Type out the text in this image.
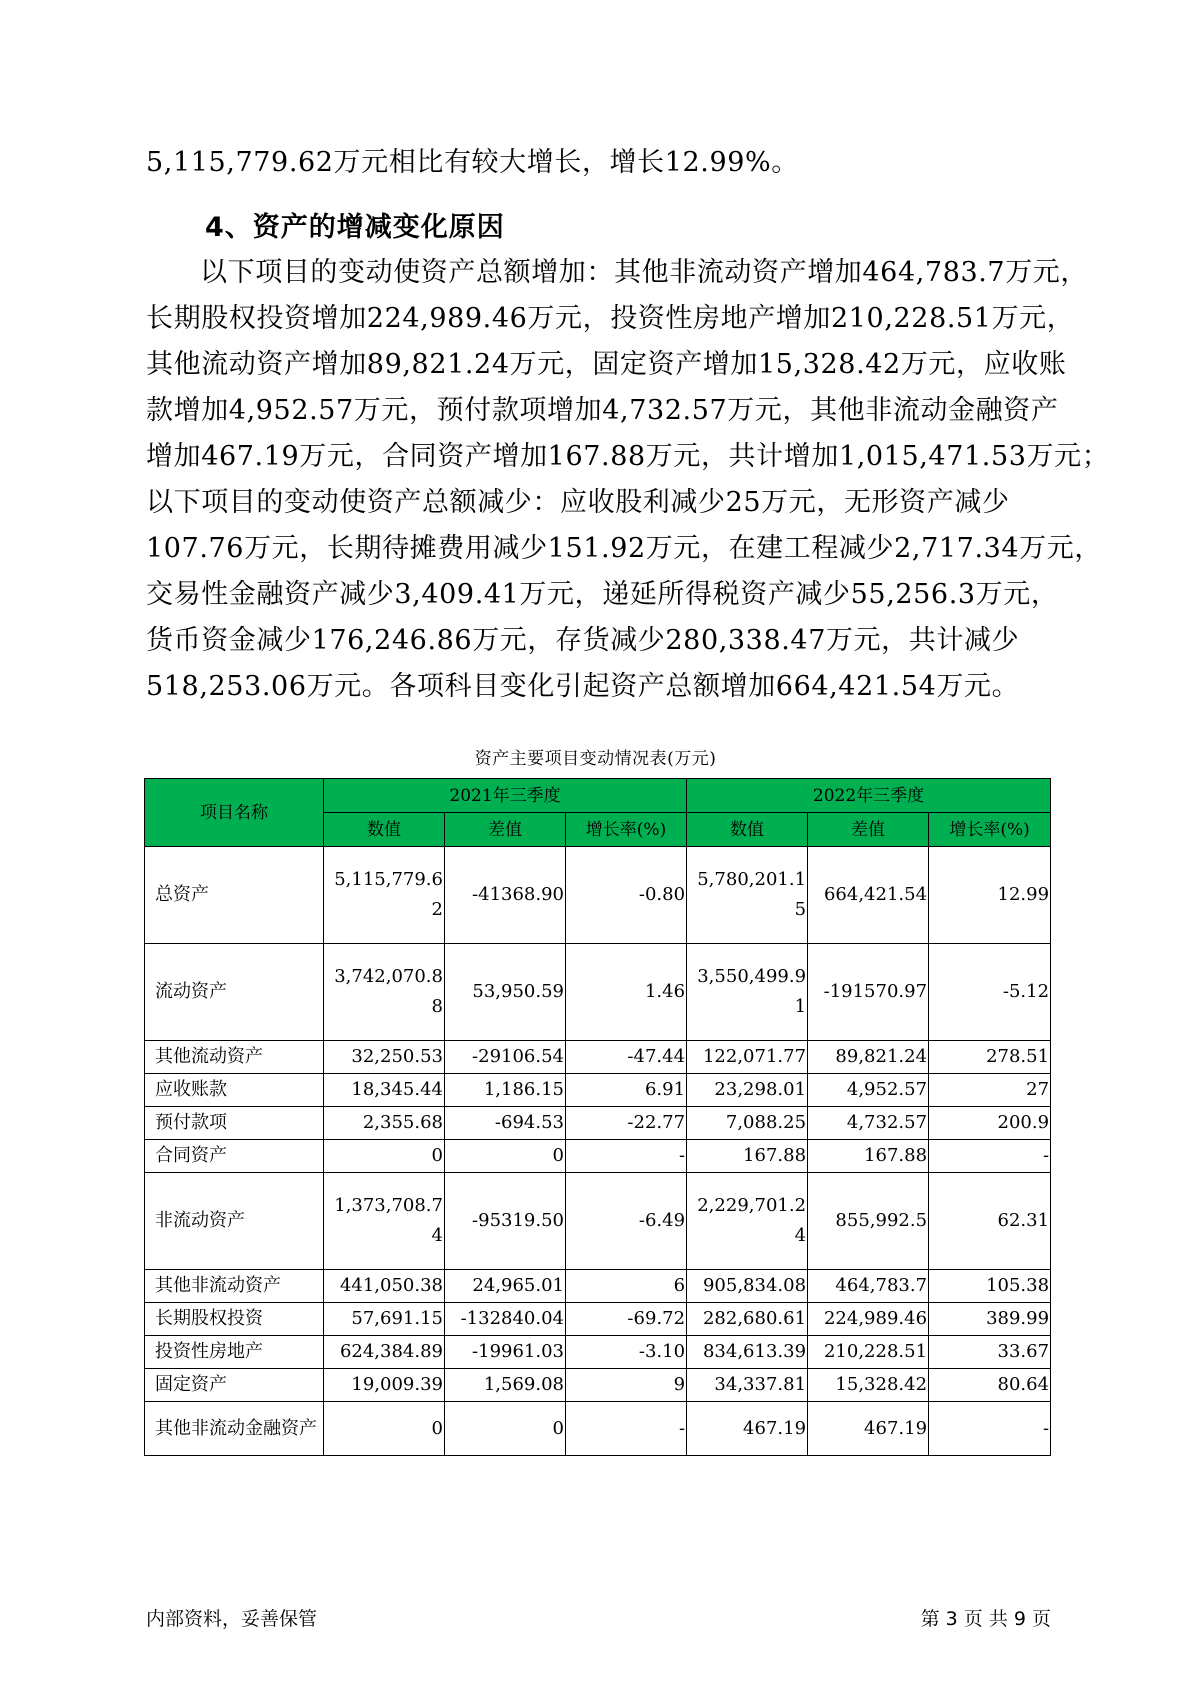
5,115,779.62万元相比有较大增长，增长12.99%。
4、资产的增减变化原因
以下项目的变动使资产总额增加：其他非流动资产增加464,783.7万元，
长期股权投资增加224,989.46万元，投资性房地产增加210,228.51万元，
其他流动资产增加89,821.24万元，固定资产增加15,328.42万元，应收账
款增加4,952.57万元，预付款项增加4,732.57万元，其他非流动金融资产
增加467.19万元，合同资产增加167.88万元，共计增加1,015,471.53万元；
以下项目的变动使资产总额减少：应收股利减少25万元，无形资产减少
107.76万元，长期待摊费用减少151.92万元，在建工程减少2,717.34万元，
交易性金融资产减少3,409.41万元，递延所得税资产减少55,256.3万元，
货币资金减少176,246.86万元，存货减少280,338.47万元，共计减少
518,253.06万元。各项科目变化引起资产总额增加664,421.54万元。
资产主要项目变动情况表(万元)
项目名称	2021年三季度			2022年三季度		
	数值	差值	增长率(%)	数值	差值	增长率(%)
总资产	5,115,779.62	-41368.90	-0.80	5,780,201.15	664,421.54	12.99
流动资产	3,742,070.88	53,950.59	1.46	3,550,499.91	-191570.97	-5.12
其他流动资产	32,250.53	-29106.54	-47.44	122,071.77	89,821.24	278.51
应收账款	18,345.44	1,186.15	6.91	23,298.01	4,952.57	27
预付款项	2,355.68	-694.53	-22.77	7,088.25	4,732.57	200.9
合同资产	0	0	-	167.88	167.88	-
非流动资产	1,373,708.74	-95319.50	-6.49	2,229,701.24	855,992.5	62.31
其他非流动资产	441,050.38	24,965.01	6	905,834.08	464,783.7	105.38
长期股权投资	57,691.15	-132840.04	-69.72	282,680.61	224,989.46	389.99
投资性房地产	624,384.89	-19961.03	-3.10	834,613.39	210,228.51	33.67
固定资产	19,009.39	1,569.08	9	34,337.81	15,328.42	80.64
其他非流动金融资产	0	0	-	467.19	467.19	-
内部资料，妥善保管	第 3 页 共 9 页
